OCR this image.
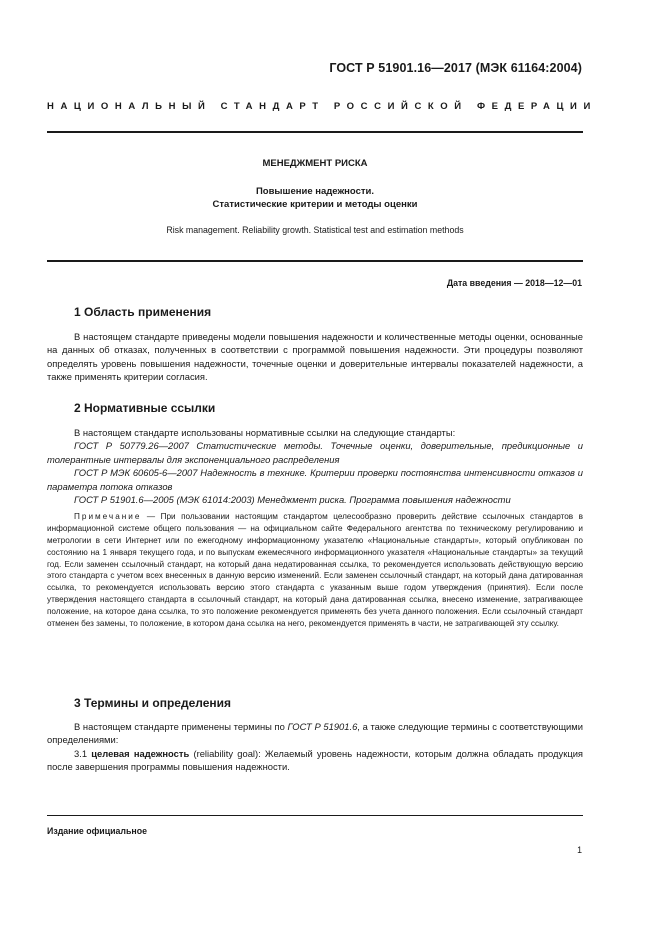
ГОСТ Р 51901.16—2017 (МЭК 61164:2004)
НАЦИОНАЛЬНЫЙ СТАНДАРТ РОССИЙСКОЙ ФЕДЕРАЦИИ
МЕНЕДЖМЕНТ РИСКА
Повышение надежности.
Статистические критерии и методы оценки
Risk management. Reliability growth. Statistical test and estimation methods
Дата введения — 2018—12—01
1 Область применения

В настоящем стандарте приведены модели повышения надежности и количественные методы оценки, основанные на данных об отказах, полученных в соответствии с программой повышения надежности. Эти процедуры позволяют определять уровень повышения надежности, точечные оценки и доверительные интервалы показателей надежности, а также применять критерии согласия.

2 Нормативные ссылки

В настоящем стандарте использованы нормативные ссылки на следующие стандарты:

ГОСТ Р 50779.26—2007 Статистические методы. Точечные оценки, доверительные, предикционные и толерантные интервалы для экспоненциального распределения

ГОСТ Р МЭК 60605-6—2007 Надежность в технике. Критерии проверки постоянства интенсивности отказов и параметра потока отказов

ГОСТ Р 51901.6—2005 (МЭК 61014:2003) Менеджмент риска. Программа повышения надежности

Примечание — При пользовании настоящим стандартом целесообразно проверить действие ссылочных стандартов в информационной системе общего пользования — на официальном сайте Федерального агентства по техническому регулированию и метрологии в сети Интернет или по ежегодному информационному указателю «Национальные стандарты», который опубликован по состоянию на 1 января текущего года, и по выпускам ежемесячного информационного указателя «Национальные стандарты» за текущий год. Если заменен ссылочный стандарт, на который дана недатированная ссылка, то рекомендуется использовать действующую версию этого стандарта с учетом всех внесенных в данную версию изменений. Если заменен ссылочный стандарт, на который дана датированная ссылка, то рекомендуется использовать версию этого стандарта с указанным выше годом утверждения (принятия). Если после утверждения настоящего стандарта в ссылочный стандарт, на который дана датированная ссылка, внесено изменение, затрагивающее положение, на которое дана ссылка, то это положение рекомендуется применять без учета данного положения. Если ссылочный стандарт отменен без замены, то положение, в котором дана ссылка на него, рекомендуется применять в части, не затрагивающей эту ссылку.

3 Термины и определения

В настоящем стандарте применены термины по ГОСТ Р 51901.6, а также следующие термины с соответствующими определениями:

3.1 целевая надежность (reliability goal): Желаемый уровень надежности, которым должна обладать продукция после завершения программы повышения надежности.

Издание официальное
1
